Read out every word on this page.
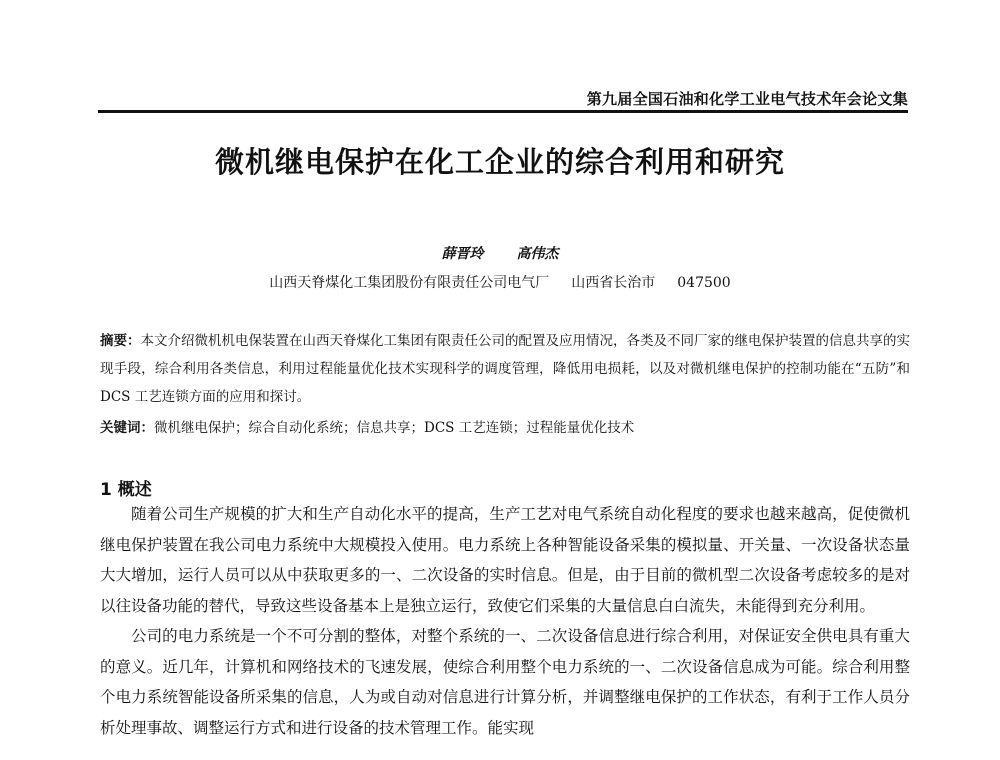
第九届全国石油和化学工业电气技术年会论文集
微机继电保护在化工企业的综合利用和研究
薛晋玲 高伟杰
山西天脊煤化工集团股份有限责任公司电气厂 山西省长治市 047500
摘要：本文介绍微机机电保装置在山西天脊煤化工集团有限责任公司的配置及应用情况，各类及不同厂家的继电保护装置的信息共享的实现手段，综合利用各类信息，利用过程能量优化技术实现科学的调度管理，降低用电损耗，以及对微机继电保护的控制功能在“五防”和 DCS 工艺连锁方面的应用和探讨。
关键词：微机继电保护；综合自动化系统；信息共享；DCS 工艺连锁；过程能量优化技术
1 概述

随着公司生产规模的扩大和生产自动化水平的提高，生产工艺对电气系统自动化程度的要求也越来越高，促使微机继电保护装置在我公司电力系统中大规模投入使用。电力系统上各种智能设备采集的模拟量、开关量、一次设备状态量大大增加，运行人员可以从中获取更多的一、二次设备的实时信息。但是，由于目前的微机型二次设备考虑较多的是对以往设备功能的替代，导致这些设备基本上是独立运行，致使它们采集的大量信息白白流失，未能得到充分利用。

公司的电力系统是一个不可分割的整体，对整个系统的一、二次设备信息进行综合利用，对保证安全供电具有重大的意义。近几年，计算机和网络技术的飞速发展，使综合利用整个电力系统的一、二次设备信息成为可能。综合利用整个电力系统智能设备所采集的信息，人为或自动对信息进行计算分析，并调整继电保护的工作状态，有利于工作人员分析处理事故、调整运行方式和进行设备的技术管理工作。能实现
